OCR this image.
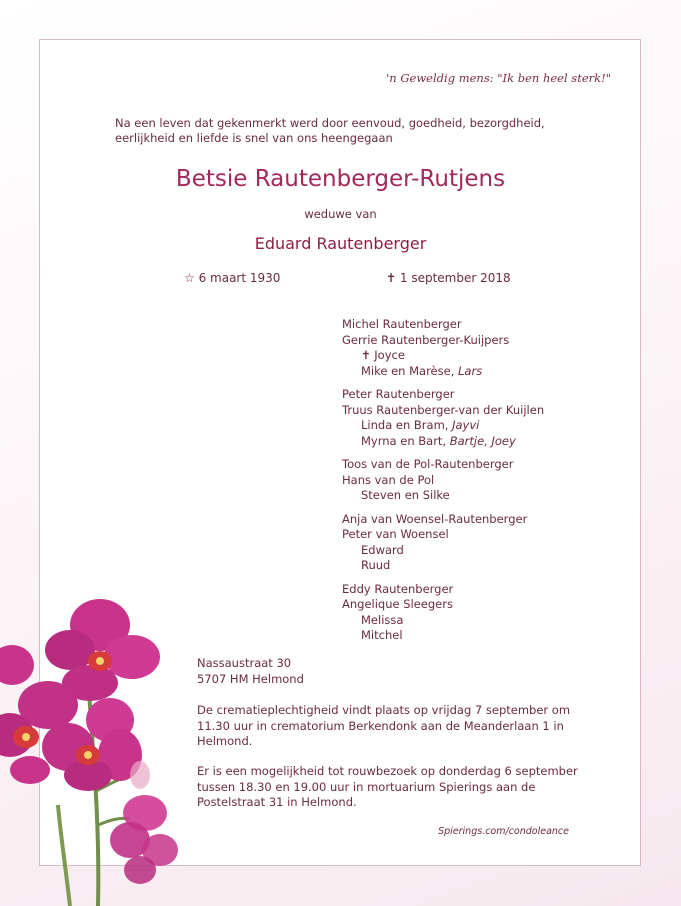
'n Geweldig mens: "Ik ben heel sterk!"
Na een leven dat gekenmerkt werd door eenvoud, goedheid, bezorgdheid, eerlijkheid en liefde is snel van ons heengegaan
Betsie Rautenberger-Rutjens
weduwe van
Eduard Rautenberger
☆ 6 maart 1930	✝ 1 september 2018
Michel Rautenberger
Gerrie Rautenberger-Kuijpers
✝ Joyce
Mike en Marèse, Lars
Peter Rautenberger
Truus Rautenberger-van der Kuijlen
Linda en Bram, Jayvi
Myrna en Bart, Bartje, Joey
Toos van de Pol-Rautenberger
Hans van de Pol
Steven en Silke
Anja van Woensel-Rautenberger
Peter van Woensel
Edward
Ruud
Eddy Rautenberger
Angelique Sleegers
Melissa
Mitchel
Nassaustraat 30
5707 HM Helmond
De crematieplechtigheid vindt plaats op vrijdag 7 september om 11.30 uur in crematorium Berkendonk aan de Meanderlaan 1 in Helmond.
Er is een mogelijkheid tot rouwbezoek op donderdag 6 september tussen 18.30 en 19.00 uur in mortuarium Spierings aan de Postelstraat 31 in Helmond.
Spierings.com/condoleance
